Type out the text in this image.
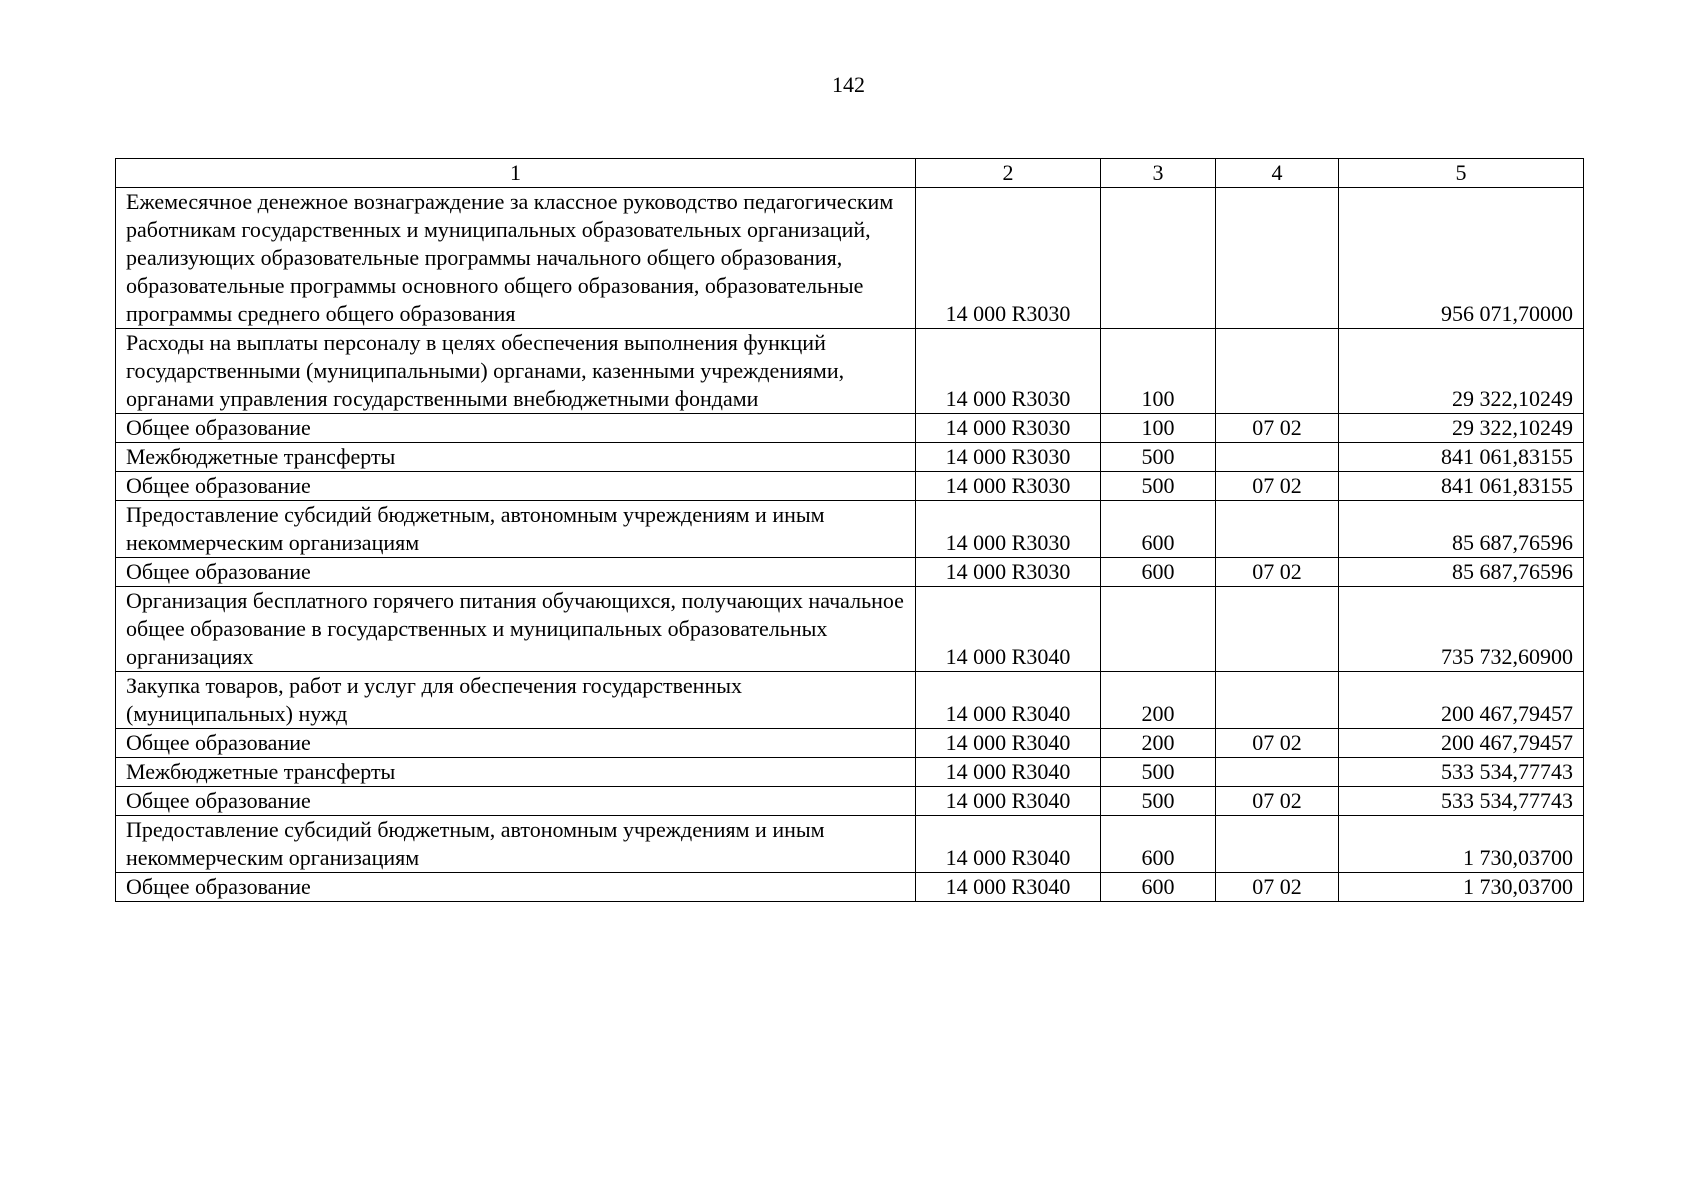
142
1	2	3	4	5
Ежемесячное денежное вознаграждение за классное руководство педагогическим работникам государственных и муниципальных образовательных организаций, реализующих образовательные программы начального общего образования, образовательные программы основного общего образования, образовательные программы среднего общего образования	14 000 R3030			956 071,70000
Расходы на выплаты персоналу в целях обеспечения выполнения функций государственными (муниципальными) органами, казенными учреждениями, органами управления государственными внебюджетными фондами	14 000 R3030	100		29 322,10249
Общее образование	14 000 R3030	100	07 02	29 322,10249
Межбюджетные трансферты	14 000 R3030	500		841 061,83155
Общее образование	14 000 R3030	500	07 02	841 061,83155
Предоставление субсидий бюджетным, автономным учреждениям и иным некоммерческим организациям	14 000 R3030	600		85 687,76596
Общее образование	14 000 R3030	600	07 02	85 687,76596
Организация бесплатного горячего питания обучающихся, получающих начальное общее образование в государственных и муниципальных образовательных организациях	14 000 R3040			735 732,60900
Закупка товаров, работ и услуг для обеспечения государственных (муниципальных) нужд	14 000 R3040	200		200 467,79457
Общее образование	14 000 R3040	200	07 02	200 467,79457
Межбюджетные трансферты	14 000 R3040	500		533 534,77743
Общее образование	14 000 R3040	500	07 02	533 534,77743
Предоставление субсидий бюджетным, автономным учреждениям и иным некоммерческим организациям	14 000 R3040	600		1 730,03700
Общее образование	14 000 R3040	600	07 02	1 730,03700
